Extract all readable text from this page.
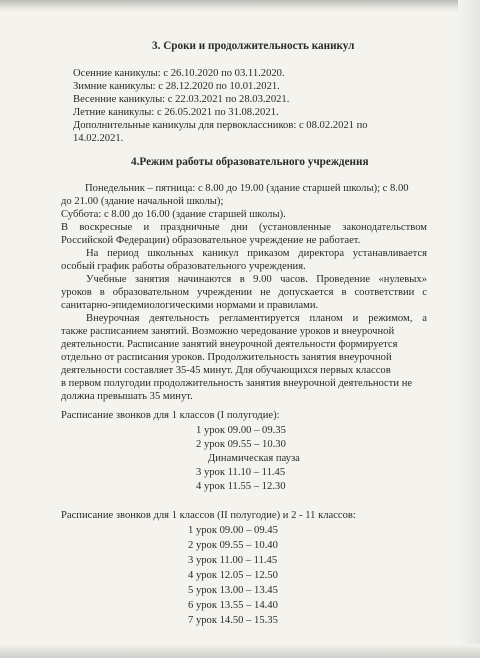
3. Сроки и продолжительность каникул
Осенние каникулы: с 26.10.2020 по 03.11.2020.
Зимние каникулы: с 28.12.2020 по 10.01.2021.
Весенние каникулы: с 22.03.2021 по 28.03.2021.
Летние каникулы: с 26.05.2021 по 31.08.2021.
Дополнительные каникулы для первоклассников: с 08.02.2021 по
14.02.2021.
4.Режим работы образовательного учреждения
Понедельник – пятница: с 8.00 до 19.00 (здание старшей школы); с 8.00
до 21.00 (здание начальной школы);
Суббота: с 8.00 до 16.00 (здание старшей школы).
В воскресные и праздничные дни (установленные законодательством
Российской Федерации) образовательное учреждение не работает.
На период школьных каникул приказом директора устанавливается
особый график работы образовательного учреждения.
Учебные занятия начинаются в 9.00 часов. Проведение «нулевых»
уроков в образовательном учреждении не допускается в соответствии с
санитарно-эпидемиологическими нормами и правилами.
Внеурочная деятельность регламентируется планом и режимом, а
также расписанием занятий. Возможно чередование уроков и внеурочной
деятельности. Расписание занятий внеурочной деятельности формируется
отдельно от расписания уроков. Продолжительность занятия внеурочной
деятельности составляет 35-45 минут. Для обучающихся первых классов
в первом полугодии продолжительность занятия внеурочной деятельности не
должна превышать 35 минут.
Расписание звонков для 1 классов (I полугодие):
1 урок 09.00 – 09.35
2 урок 09.55 – 10.30
Динамическая пауза
3 урок 11.10 – 11.45
4 урок 11.55 – 12.30
Расписание звонков для 1 классов (II полугодие) и 2 - 11 классов:
1 урок 09.00 – 09.45
2 урок 09.55 – 10.40
3 урок 11.00 – 11.45
4 урок 12.05 – 12.50
5 урок 13.00 – 13.45
6 урок 13.55 – 14.40
7 урок 14.50 – 15.35
